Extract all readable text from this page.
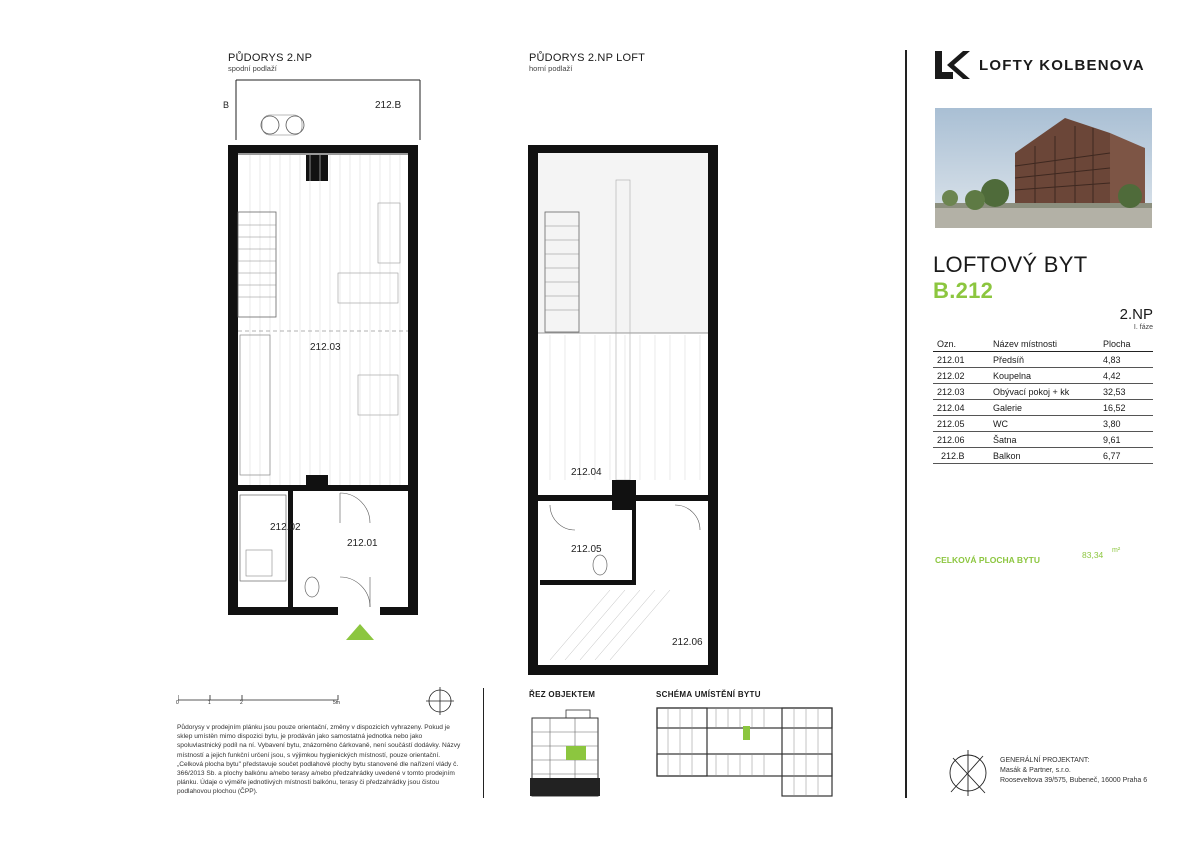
PŮDORYS 2.NP
spodní podlaží
212.B
212.03
212.02
212.01
B
PŮDORYS 2.NP LOFT
horní podlaží
212.04
212.05
212.06
0	1	2	5m
Půdorysy v prodejním plánku jsou pouze orientační, změny v dispozicích vyhrazeny. Pokud je sklep umístěn mimo dispozici bytu, je prodáván jako samostatná jednotka nebo jako spoluvlastnický podíl na ní. Vybavení bytu, znázorněno čárkovaně, není součástí dodávky. Názvy místností a jejich funkční určení jsou, s výjimkou hygienických místností, pouze orientační. „Celková plocha bytu" představuje součet podlahové plochy bytu stanovené dle nařízení vlády č. 366/2013 Sb. a plochy balkónu a/nebo terasy a/nebo předzahrádky uvedené v tomto prodejním plánku. Údaje o výměře jednotlivých místností balkónu, terasy či předzahrádky jsou čistou podlahovou plochou (ČPP).
ŘEZ OBJEKTEM	SCHÉMA UMÍSTĚNÍ BYTU
LOFTY KOLBENOVA
LOFTOVÝ BYT B.212
2.NP
I. fáze
Ozn.	Název místnosti	Plocha
212.01	Předsíň	4,83
212.02	Koupelna	4,42
212.03	Obývací pokoj + kk	32,53
212.04	Galerie	16,52
212.05	WC	3,80
212.06	Šatna	9,61
212.B	Balkon	6,77
CELKOVÁ PLOCHA BYTU	83,34 m²
GENERÁLNÍ PROJEKTANT:
Masák & Partner, s.r.o.
Rooseveltova 39/575, Bubeneč, 16000 Praha 6
